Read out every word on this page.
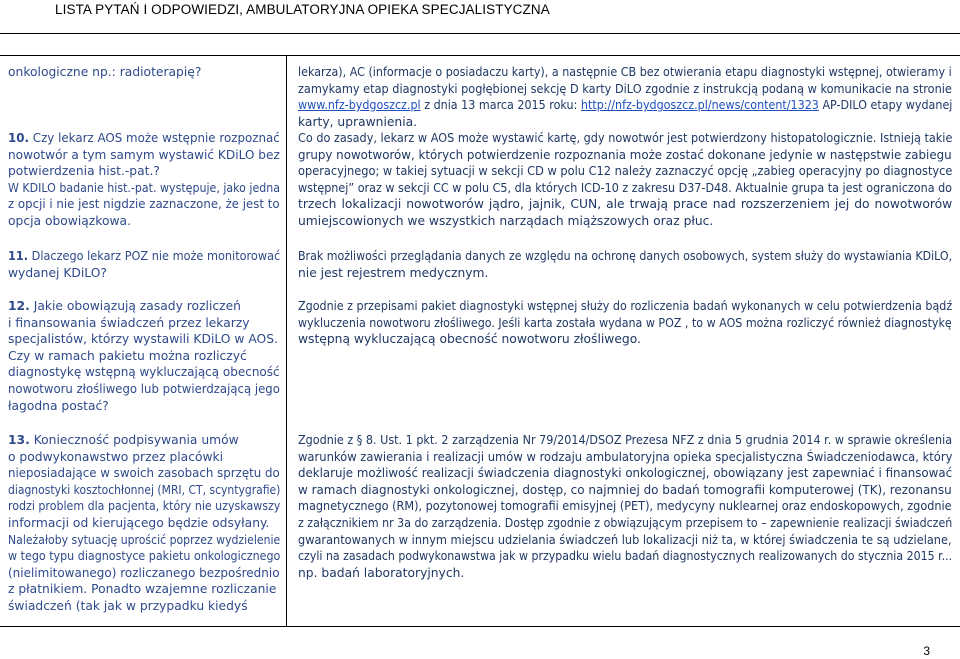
LISTA PYTAŃ I ODPOWIEDZI, AMBULATORYJNA OPIEKA SPECJALISTYCZNA
onkologiczne np.: radioterapię?	lekarza), AC (informacje o posiadaczu karty), a następnie CB bez otwierania etapu diagnostyki wstępnej, otwieramy i
zamykamy etap diagnostyki pogłębionej sekcję D karty DiLO zgodnie z instrukcją podaną w komunikacie na stronie
www.nfz-bydgoszcz.pl z dnia 13 marca 2015 roku: http://nfz-bydgoszcz.pl/news/content/1323 AP-DILO etapy wydanej
karty, uprawnienia.
10. Czy lekarz AOS może wstępnie rozpoznać
nowotwór a tym samym wystawić KDiLO bez
potwierdzenia hist.-pat.?
W KDILO badanie hist.-pat. występuje, jako jedna
z opcji i nie jest nigdzie zaznaczone, że jest to
opcja obowiązkowa.
Co do zasady, lekarz w AOS może wystawić kartę, gdy nowotwór jest potwierdzony histopatologicznie. Istnieją takie
grupy nowotworów, których potwierdzenie rozpoznania może zostać dokonane jedynie w następstwie zabiegu
operacyjnego; w takiej sytuacji w sekcji CD w polu C12 należy zaznaczyć opcję „zabieg operacyjny po diagnostyce
wstępnej” oraz w sekcji CC w polu C5, dla których ICD-10 z zakresu D37-D48. Aktualnie grupa ta jest ograniczona do
trzech lokalizacji nowotworów jądro, jajnik, CUN, ale trwają prace nad rozszerzeniem jej do nowotworów
umiejscowionych we wszystkich narządach miąższowych oraz płuc.
11. Dlaczego lekarz POZ nie może monitorować
wydanej KDiLO?
Brak możliwości przeglądania danych ze względu na ochronę danych osobowych, system służy do wystawiania KDiLO,
nie jest rejestrem medycznym.
12. Jakie obowiązują zasady rozliczeń
i finansowania świadczeń przez lekarzy
specjalistów, którzy wystawili KDiLO w AOS.
Czy w ramach pakietu można rozliczyć
diagnostykę wstępną wykluczającą obecność
nowotworu złośliwego lub potwierdzającą jego
łagodna postać?
Zgodnie z przepisami pakiet diagnostyki wstępnej służy do rozliczenia badań wykonanych w celu potwierdzenia bądź
wykluczenia nowotworu złośliwego. Jeśli karta została wydana w POZ , to w AOS można rozliczyć również diagnostykę
wstępną wykluczającą obecność nowotworu złośliwego.
13. Konieczność podpisywania umów
o podwykonawstwo przez placówki
nieposiadające w swoich zasobach sprzętu do
diagnostyki kosztochłonnej (MRI, CT, scyntygrafie)
rodzi problem dla pacjenta, który nie uzyskawszy
informacji od kierującego będzie odsyłany.
Należałoby sytuację uprościć poprzez wydzielenie
w tego typu diagnostyce pakietu onkologicznego
(nielimitowanego) rozliczanego bezpośrednio
z płatnikiem. Ponadto wzajemne rozliczanie
świadczeń (tak jak w przypadku kiedyś
Zgodnie z § 8. Ust. 1 pkt. 2 zarządzenia Nr 79/2014/DSOZ Prezesa NFZ z dnia 5 grudnia 2014 r. w sprawie określenia
warunków zawierania i realizacji umów w rodzaju ambulatoryjna opieka specjalistyczna Świadczeniodawca, który
deklaruje możliwość realizacji świadczenia diagnostyki onkologicznej, obowiązany jest zapewniać i finansować
w ramach diagnostyki onkologicznej, dostęp, co najmniej do badań tomografii komputerowej (TK), rezonansu
magnetycznego (RM), pozytonowej tomografii emisyjnej (PET), medycyny nuklearnej oraz endoskopowych, zgodnie
z załącznikiem nr 3a do zarządzenia. Dostęp zgodnie z obwiązującym przepisem to – zapewnienie realizacji świadczeń
gwarantowanych w innym miejscu udzielania świadczeń lub lokalizacji niż ta, w której świadczenia te są udzielane,
czyli na zasadach podwykonawstwa jak w przypadku wielu badań diagnostycznych realizowanych do stycznia 2015 r...
np. badań laboratoryjnych.
3
